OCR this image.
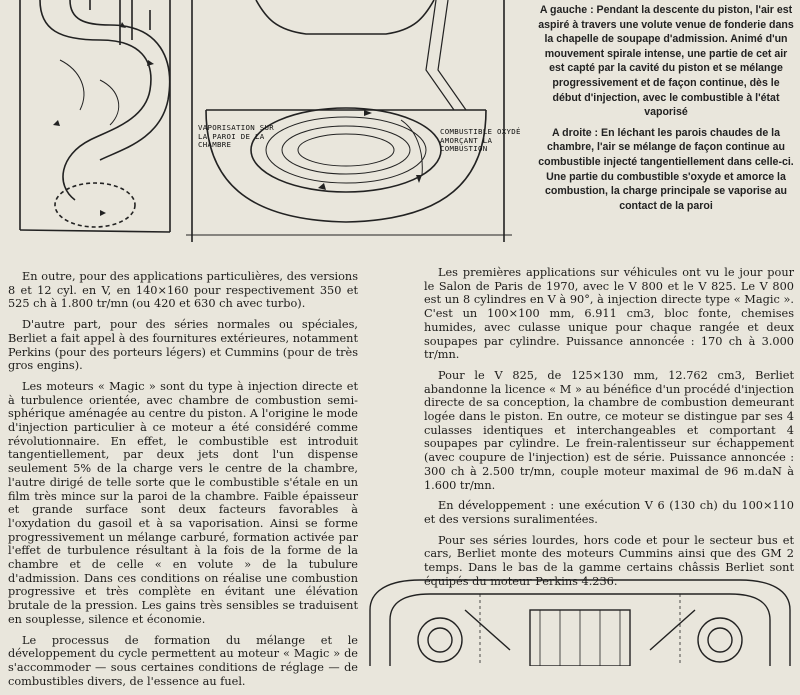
VAPORISATION SUR LA PAROI DE LA CHAMBRE
COMBUSTIBLE OXYDÉ AMORÇANT LA COMBUSTION

A gauche : Pendant la descente du piston, l'air est aspiré à travers une volute venue de fonderie dans la chapelle de soupape d'admission. Animé d'un mouvement spirale intense, une partie de cet air est capté par la cavité du piston et se mélange progressivement et de façon continue, dès le début d'injection, avec le combustible à l'état vaporisé

A droite : En léchant les parois chaudes de la chambre, l'air se mélange de façon continue au combustible injecté tangentiellement dans celle-ci. Une partie du combustible s'oxyde et amorce la combustion, la charge principale se vaporise au contact de la paroi

En outre, pour des applications particulières, des versions 8 et 12 cyl. en V, en 140×160 pour respectivement 350 et 525 ch à 1.800 tr/mn (ou 420 et 630 ch avec turbo).

D'autre part, pour des séries normales ou spéciales, Berliet a fait appel à des fournitures extérieures, notamment Perkins (pour des porteurs légers) et Cummins (pour de très gros engins).

Les moteurs « Magic » sont du type à injection directe et à turbulence orientée, avec chambre de combustion semi-sphérique aménagée au centre du piston. A l'origine le mode d'injection particulier à ce moteur a été considéré comme révolutionnaire. En effet, le combustible est introduit tangentiellement, par deux jets dont l'un dispense seulement 5% de la charge vers le centre de la chambre, l'autre dirigé de telle sorte que le combustible s'étale en un film très mince sur la paroi de la chambre. Faible épaisseur et grande surface sont deux facteurs favorables à l'oxydation du gasoil et à sa vaporisation. Ainsi se forme progressivement un mélange carburé, formation activée par l'effet de turbulence résultant à la fois de la forme de la chambre et de celle « en volute » de la tubulure d'admission. Dans ces conditions on réalise une combustion progressive et très complète en évitant une élévation brutale de la pression. Les gains très sensibles se traduisent en souplesse, silence et économie.

Le processus de formation du mélange et le développement du cycle permettent au moteur « Magic » de s'accommoder — sous certaines conditions de réglage — de combustibles divers, de l'essence au fuel.

Les premières applications sur véhicules ont vu le jour pour le Salon de Paris de 1970, avec le V 800 et le V 825. Le V 800 est un 8 cylindres en V à 90°, à injection directe type « Magic ». C'est un 100×100 mm, 6.911 cm3, bloc fonte, chemises humides, avec culasse unique pour chaque rangée et deux soupapes par cylindre. Puissance annoncée : 170 ch à 3.000 tr/mn.

Pour le V 825, de 125×130 mm, 12.762 cm3, Berliet abandonne la licence « M » au bénéfice d'un procédé d'injection directe de sa conception, la chambre de combustion demeurant logée dans le piston. En outre, ce moteur se distingue par ses 4 culasses identiques et interchangeables et comportant 4 soupapes par cylindre. Le frein-ralentisseur sur échappement (avec coupure de l'injection) est de série. Puissance annoncée : 300 ch à 2.500 tr/mn, couple moteur maximal de 96 m.daN à 1.600 tr/mn.

En développement : une exécution V 6 (130 ch) du 100×110 et des versions suralimentées.

Pour ses séries lourdes, hors code et pour le secteur bus et cars, Berliet monte des moteurs Cummins ainsi que des GM 2 temps. Dans le bas de la gamme certains châssis Berliet sont équipés du moteur Perkins 4.236.
